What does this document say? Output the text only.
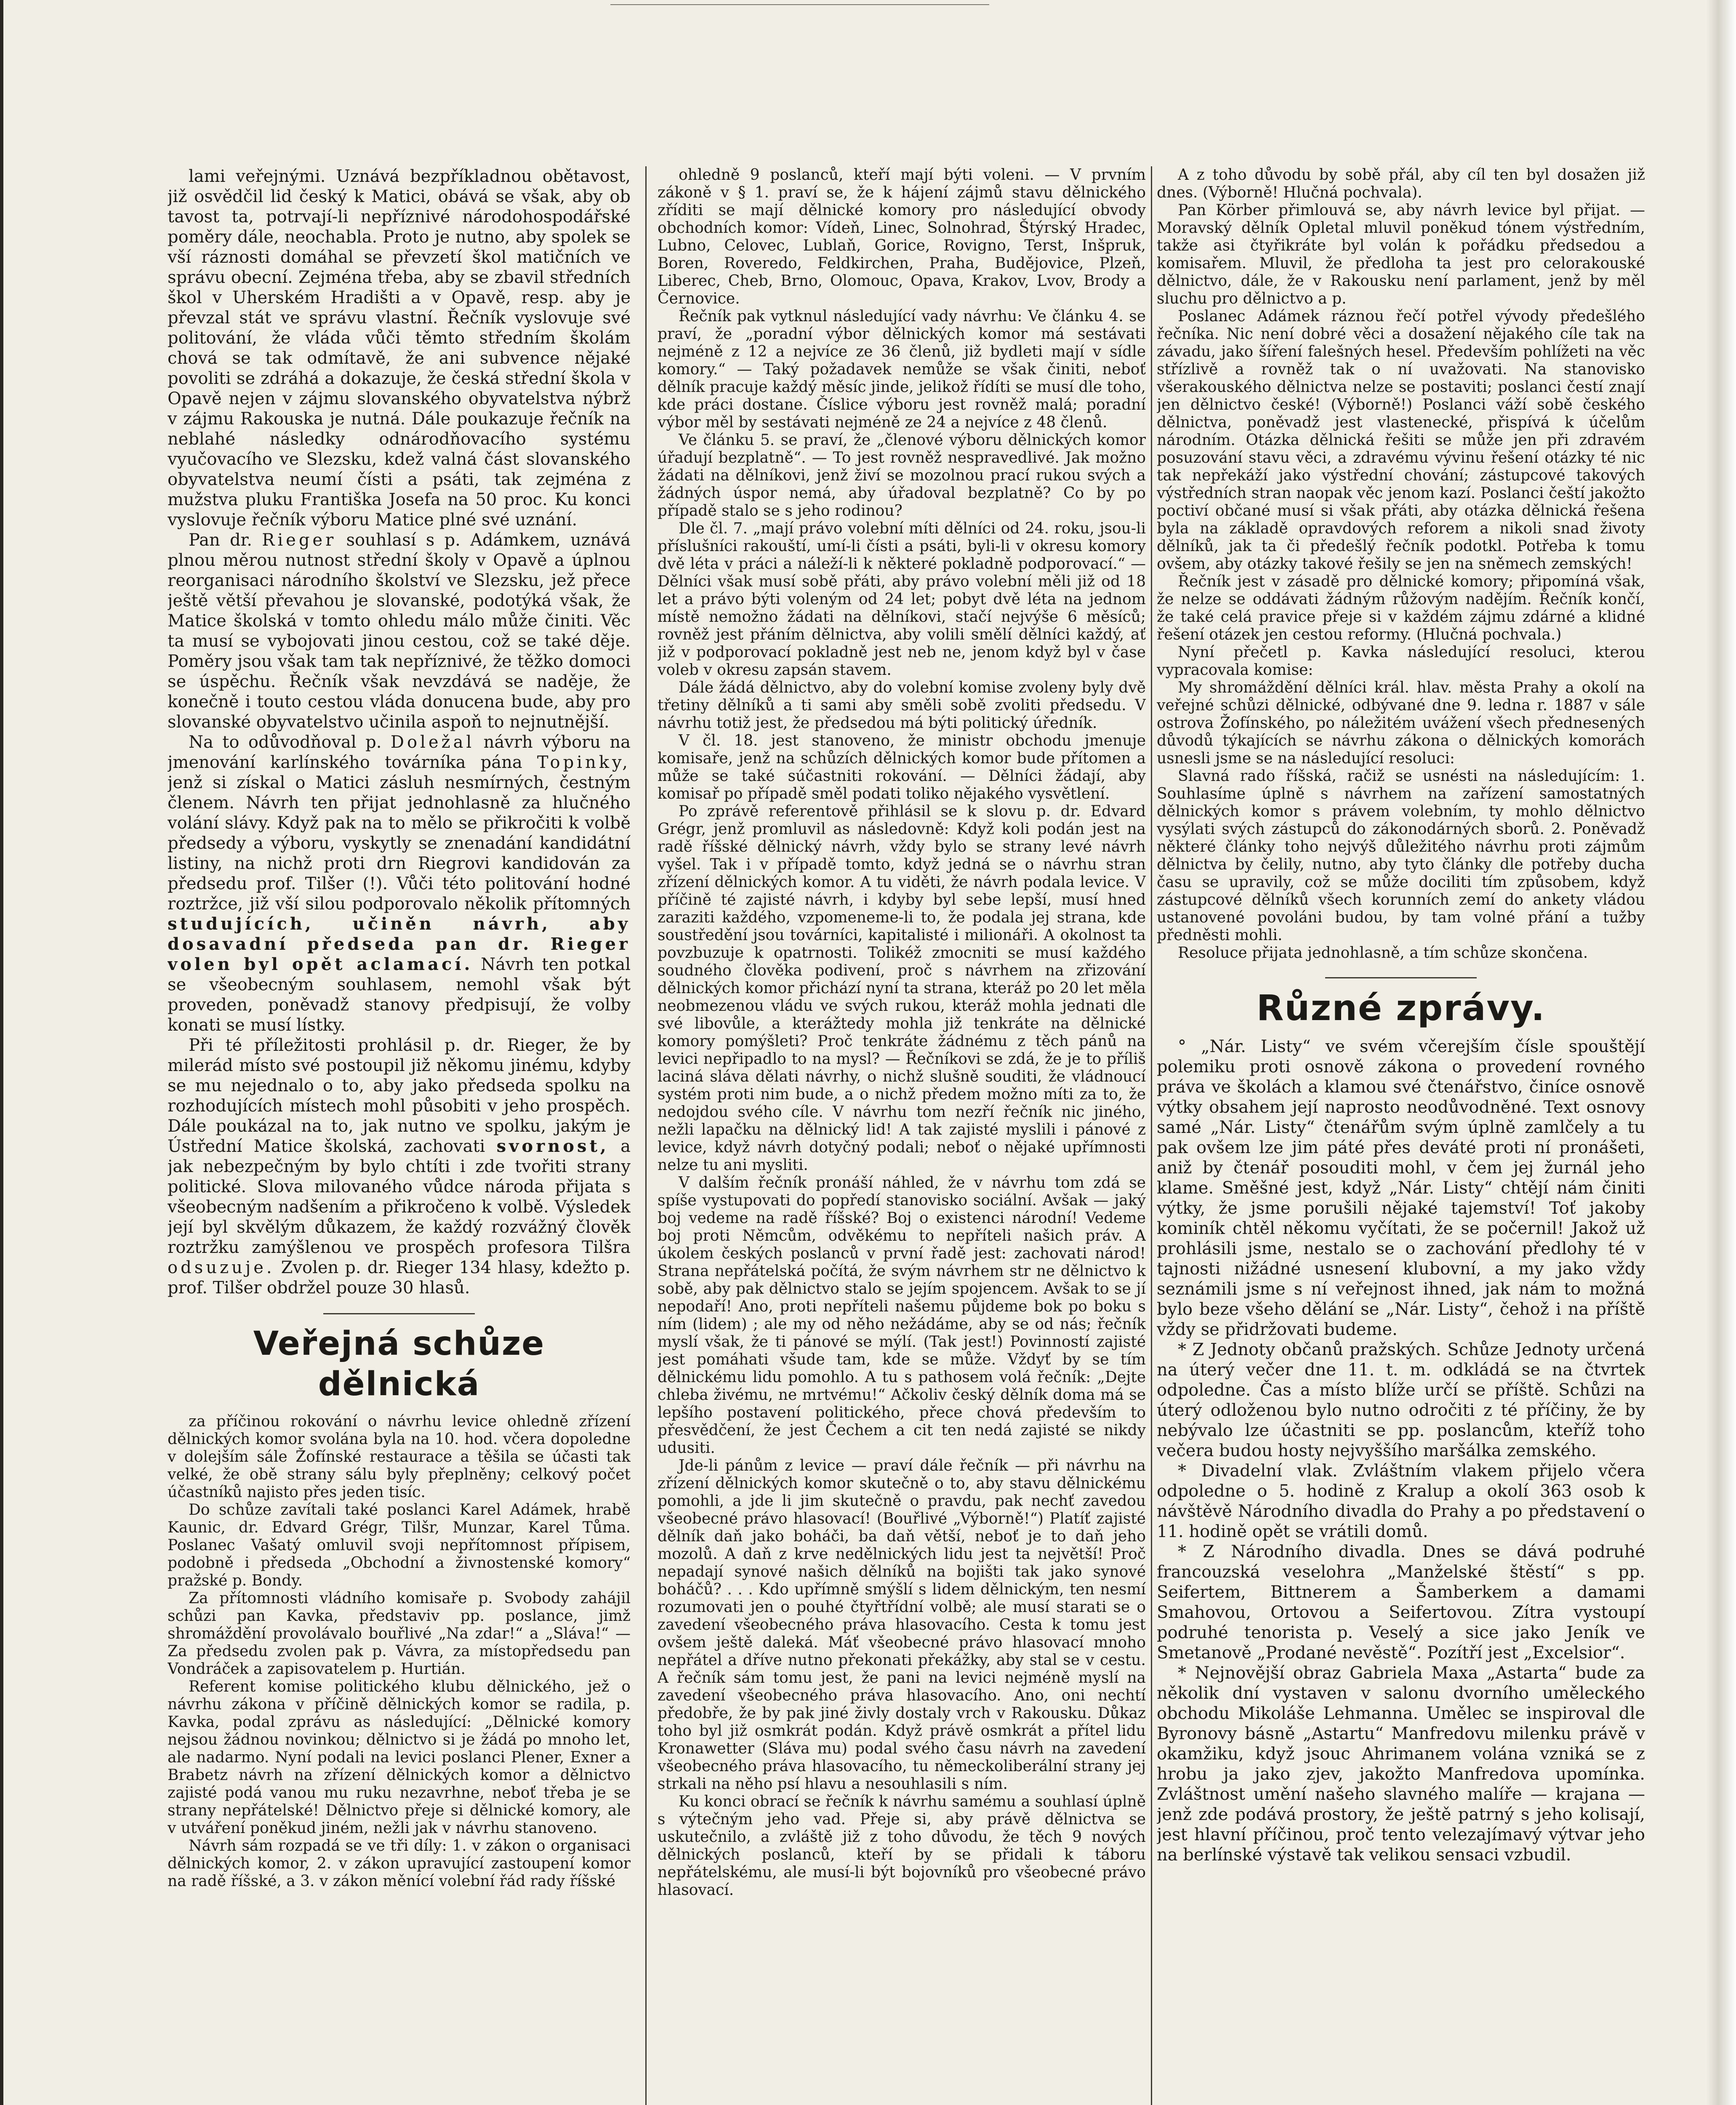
lami veřejnými. Uznává bezpříkladnou obětavost, již osvědčil lid český k Matici, obává se však, aby ob tavost ta, potrvají-li nepříznivé národohospodářské poměry dále, neochabla. Proto je nutno, aby spolek se vší ráznosti domáhal se převzetí škol matičních ve správu obecní. Zejména třeba, aby se zbavil středních škol v Uherském Hradišti a v Opavě, resp. aby je převzal stát ve správu vlastní. Řečník vyslovuje své politování, že vláda vůči těmto středním školám chová se tak odmítavě, že ani subvence nějaké povoliti se zdráhá a dokazuje, že česká střední škola v Opavě nejen v zájmu slovanského obyvatelstva nýbrž v zájmu Rakouska je nutná. Dále poukazuje řečník na neblahé následky odnárodňovacího systému vyučovacího ve Slezsku, kdež valná část slovanského obyvatelstva neumí čísti a psáti, tak zejména z mužstva pluku Františka Josefa na 50 proc. Ku konci vyslovuje řečník výboru Matice plné své uznání.

Pan dr. Rieger souhlasí s p. Adámkem, uznává plnou měrou nutnost střední školy v Opavě a úplnou reorganisaci národního školství ve Slezsku, jež přece ještě větší převahou je slovanské, podotýká však, že Matice školská v tomto ohledu málo může činiti. Věc ta musí se vybojovati jinou cestou, což se také děje. Poměry jsou však tam tak nepříznivé, že těžko domoci se úspěchu. Řečník však nevzdává se naděje, že konečně i touto cestou vláda donucena bude, aby pro slovanské obyvatelstvo učinila aspoň to nejnutnější.

Na to odůvodňoval p. Doležal návrh výboru na jmenování karlínského továrníka pána Topinky, jenž si získal o Matici zásluh nesmírných, čestným členem. Návrh ten přijat jednohlasně za hlučného volání slávy. Když pak na to mělo se přikročiti k volbě předsedy a výboru, vyskytly se znenadání kandidátní listiny, na nichž proti drn Riegrovi kandidován za předsedu prof. Tilšer (!). Vůči této politování hodné roztržce, již vší silou podporovalo několik přítomných studujících, učiněn návrh, aby dosavadní předseda pan dr. Rieger volen byl opět aclamací. Návrh ten potkal se všeobecným souhlasem, nemohl však být proveden, poněvadž stanovy předpisují, že volby konati se musí lístky.

Při té příležitosti prohlásil p. dr. Rieger, že by milerád místo své postoupil již někomu jinému, kdyby se mu nejednalo o to, aby jako předseda spolku na rozhodujících místech mohl působiti v jeho prospěch. Dále poukázal na to, jak nutno ve spolku, jakým je Ústřední Matice školská, zachovati svornost, a jak nebezpečným by bylo chtíti i zde tvořiti strany politické. Slova milovaného vůdce národa přijata s všeobecným nadšením a přikročeno k volbě. Výsledek její byl skvělým důkazem, že každý rozvážný člověk roztržku zamýšlenou ve prospěch profesora Tilšra odsuzuje. Zvolen p. dr. Rieger 134 hlasy, kdežto p. prof. Tilšer obdržel pouze 30 hlasů.

Veřejná schůze dělnická

za příčinou rokování o návrhu levice ohledně zřízení dělnických komor svolána byla na 10. hod. včera dopoledne v dolejším sále Žofínské restaurace a těšila se účasti tak velké, že obě strany sálu byly přeplněny; celkový počet účastníků najisto přes jeden tisíc.

Do schůze zavítali také poslanci Karel Adámek, hrabě Kaunic, dr. Edvard Grégr, Tilšr, Munzar, Karel Tůma. Poslanec Vašatý omluvil svoji nepřítomnost přípisem, podobně i předseda „Obchodní a živnostenské komory“ pražské p. Bondy.

Za přítomnosti vládního komisaře p. Svobody zahájil schůzi pan Kavka, představiv pp. poslance, jimž shromáždění provolávalo bouřlivé „Na zdar!“ a „Sláva!“ — Za předsedu zvolen pak p. Vávra, za místopředsedu pan Vondráček a zapisovatelem p. Hurtián.

Referent komise politického klubu dělnického, jež o návrhu zákona v příčině dělnických komor se radila, p. Kavka, podal zprávu as následující: „Dělnické komory nejsou žádnou novinkou; dělnictvo si je žádá po mnoho let, ale nadarmo. Nyní podali na levici poslanci Plener, Exner a Brabetz návrh na zřízení dělnických komor a dělnictvo zajisté podá vanou mu ruku nezavrhne, neboť třeba je se strany nepřátelské! Dělnictvo přeje si dělnické komory, ale v utváření poněkud jiném, nežli jak v návrhu stanoveno.

Návrh sám rozpadá se ve tři díly: 1. v zákon o organisaci dělnických komor, 2. v zákon upravující zastoupení komor na radě říšské, a 3. v zákon měnící volební řád rady říšské

ohledně 9 poslanců, kteří mají býti voleni. — V prvním zákoně v § 1. praví se, že k hájení zájmů stavu dělnického zříditi se mají dělnické komory pro následující obvody obchodních komor: Vídeň, Linec, Solnohrad, Štýrský Hradec, Lubno, Celovec, Lublaň, Gorice, Rovigno, Terst, Inšpruk, Boren, Roveredo, Feldkirchen, Praha, Budějovice, Plzeň, Liberec, Cheb, Brno, Olomouc, Opava, Krakov, Lvov, Brody a Černovice.

Řečník pak vytknul následující vady návrhu: Ve článku 4. se praví, že „poradní výbor dělnických komor má sestávati nejméně z 12 a nejvíce ze 36 členů, již bydleti mají v sídle komory.“ — Taký požadavek nemůže se však činiti, neboť dělník pracuje každý měsíc jinde, jelikož řídíti se musí dle toho, kde práci dostane. Číslice výboru jest rovněž malá; poradní výbor měl by sestávati nejméně ze 24 a nejvíce z 48 členů.

Ve článku 5. se praví, že „členové výboru dělnických komor úřadují bezplatně“. — To jest rovněž nespravedlivé. Jak možno žádati na dělníkovi, jenž živí se mozolnou prací rukou svých a žádných úspor nemá, aby úřadoval bezplatně? Co by po případě stalo se s jeho rodinou?

Dle čl. 7. „mají právo volební míti dělníci od 24. roku, jsou-li příslušníci rakouští, umí-li čísti a psáti, byli-li v okresu komory dvě léta v práci a náleží-li k některé pokladně podporovací.“ — Dělníci však musí sobě přáti, aby právo volební měli již od 18 let a právo býti voleným od 24 let; pobyt dvě léta na jednom místě nemožno žádati na dělníkovi, stačí nejvýše 6 měsíců; rovněž jest přáním dělnictva, aby volili smělí dělníci každý, ať již v podporovací pokladně jest neb ne, jenom když byl v čase voleb v okresu zapsán stavem.

Dále žádá dělnictvo, aby do volební komise zvoleny byly dvě třetiny dělníků a ti sami aby směli sobě zvoliti předsedu. V návrhu totiž jest, že předsedou má býti politický úředník.

V čl. 18. jest stanoveno, že ministr obchodu jmenuje komisaře, jenž na schůzích dělnických komor bude přítomen a může se také súčastniti rokování. — Dělníci žádají, aby komisař po případě směl podati toliko nějakého vysvětlení.

Po zprávě referentově přihlásil se k slovu p. dr. Edvard Grégr, jenž promluvil as následovně: Když koli podán jest na radě říšské dělnický návrh, vždy bylo se strany levé návrh vyšel. Tak i v případě tomto, když jedná se o návrhu stran zřízení dělnických komor. A tu viděti, že návrh podala levice. V příčině té zajisté návrh, i kdyby byl sebe lepší, musí hned zaraziti každého, vzpomeneme-li to, že podala jej strana, kde soustředění jsou továrníci, kapitalisté i milionáři. A okolnost ta povzbuzuje k opatrnosti. Tolikéž zmocniti se musí každého soudného člověka podivení, proč s návrhem na zřizování dělnických komor přichází nyní ta strana, kteráž po 20 let měla neobmezenou vládu ve svých rukou, kteráž mohla jednati dle své libovůle, a kterážtedy mohla již tenkráte na dělnické komory pomýšleti? Proč tenkráte žádnému z těch pánů na levici nepřipadlo to na mysl? — Řečníkovi se zdá, že je to příliš laciná sláva dělati návrhy, o nichž slušně souditi, že vládnoucí systém proti nim bude, a o nichž předem možno míti za to, že nedojdou svého cíle. V návrhu tom nezří řečník nic jiného, nežli lapačku na dělnický lid! A tak zajisté myslili i pánové z levice, když návrh dotyčný podali; neboť o nějaké upřímnosti nelze tu ani mysliti.

V dalším řečník pronáší náhled, že v návrhu tom zdá se spíše vystupovati do popředí stanovisko sociální. Avšak — jaký boj vedeme na radě říšské? Boj o existenci národní! Vedeme boj proti Němcům, odvěkému to nepříteli našich práv. A úkolem českých poslanců v první řadě jest: zachovati národ! Strana nepřátelská počítá, že svým návrhem str ne dělnictvo k sobě, aby pak dělnictvo stalo se jejím spojencem. Avšak to se jí nepodaří! Ano, proti nepříteli našemu půjdeme bok po boku s ním (lidem) ; ale my od něho nežádáme, aby se od nás; řečník myslí však, že ti pánové se mýlí. (Tak jest!) Povinností zajisté jest pomáhati všude tam, kde se může. Vždyť by se tím dělnickému lidu pomohlo. A tu s pathosem volá řečník: „Dejte chleba živému, ne mrtvému!“ Ačkoliv český dělník doma má se lepšího postavení politického, přece chová především to přesvědčení, že jest Čechem a cit ten nedá zajisté se nikdy udusiti.

Jde-li pánům z levice — praví dále řečník — při návrhu na zřízení dělnických komor skutečně o to, aby stavu dělnickému pomohli, a jde li jim skutečně o pravdu, pak nechť zavedou všeobecné právo hlasovací! (Bouřlivé „Výborně!“) Platíť zajisté dělník daň jako boháči, ba daň větší, neboť je to daň jeho mozolů. A daň z krve nedělnických lidu jest ta největší! Proč nepadají synové našich dělníků na bojišti tak jako synové boháčů? . . . Kdo upřímně smýšlí s lidem dělnickým, ten nesmí rozumovati jen o pouhé čtyřtřídní volbě; ale musí starati se o zavedení všeobecného práva hlasovacího. Cesta k tomu jest ovšem ještě daleká. Máť všeobecné právo hlasovací mnoho nepřátel a dříve nutno překonati překážky, aby stal se v cestu. A řečník sám tomu jest, že pani na levici nejméně myslí na zavedení všeobecného práva hlasovacího. Ano, oni nechtí předobře, že by pak jiné živly dostaly vrch v Rakousku. Důkaz toho byl již osmkrát podán. Když právě osmkrát a přítel lidu Kronawetter (Sláva mu) podal svého času návrh na zavedení všeobecného práva hlasovacího, tu německoliberální strany jej strkali na něho psí hlavu a nesouhlasili s ním.

Ku konci obrací se řečník k návrhu samému a souhlasí úplně s výtečným jeho vad. Přeje si, aby právě dělnictva se uskutečnilo, a zvláště již z toho důvodu, že těch 9 nových dělnických poslanců, kteří by se přidali k táboru nepřátelskému, ale musí-li být bojovníků pro všeobecné právo hlasovací.

A z toho důvodu by sobě přál, aby cíl ten byl dosažen již dnes. (Výborně! Hlučná pochvala).

Pan Körber přimlouvá se, aby návrh levice byl přijat. — Moravský dělník Opletal mluvil poněkud tónem výstředním, takže asi čtyřikráte byl volán k pořádku předsedou a komisařem. Mluvil, že předloha ta jest pro celorakouské dělnictvo, dále, že v Rakousku není parlament, jenž by měl sluchu pro dělnictvo a p.

Poslanec Adámek ráznou řečí potřel vývody předešlého řečníka. Nic není dobré věci a dosažení nějakého cíle tak na závadu, jako šíření falešných hesel. Především pohlížeti na věc střízlivě a rovněž tak o ní uvažovati. Na stanovisko všerakouského dělnictva nelze se postaviti; poslanci čestí znají jen dělnictvo české! (Výborně!) Poslanci váží sobě českého dělnictva, poněvadž jest vlastenecké, přispívá k účelům národním. Otázka dělnická řešiti se může jen při zdravém posuzování stavu věci, a zdravému vývinu řešení otázky té nic tak nepřekáží jako výstřední chování; zástupcové takových výstředních stran naopak věc jenom kazí. Poslanci čeští jakožto poctiví občané musí si však přáti, aby otázka dělnická řešena byla na základě opravdových reforem a nikoli snad životy dělníků, jak ta či předešlý řečník podotkl. Potřeba k tomu ovšem, aby otázky takové řešily se jen na sněmech zemských!

Řečník jest v zásadě pro dělnické komory; připomíná však, že nelze se oddávati žádným růžovým nadějím. Řečník končí, že také celá pravice přeje si v každém zájmu zdárné a klidné řešení otázek jen cestou reformy. (Hlučná pochvala.)

Nyní přečetl p. Kavka následující resoluci, kterou vypracovala komise:

My shromáždění dělníci král. hlav. města Prahy a okolí na veřejné schůzi dělnické, odbývané dne 9. ledna r. 1887 v sále ostrova Žofínského, po náležitém uvážení všech přednesených důvodů týkajících se návrhu zákona o dělnických komorách usnesli jsme se na následující resoluci:

Slavná rado říšská, račiž se usnésti na následujícím: 1. Souhlasíme úplně s návrhem na zařízení samostatných dělnických komor s právem volebním, ty mohlo dělnictvo vysýlati svých zástupců do zákonodárných sborů. 2. Poněvadž některé články toho nejvýš důležitého návrhu proti zájmům dělnictva by čelily, nutno, aby tyto články dle potřeby ducha času se upravily, což se může dociliti tím způsobem, když zástupcové dělníků všech korunních zemí do ankety vládou ustanovené povoláni budou, by tam volné přání a tužby předněsti mohli.

Resoluce přijata jednohlasně, a tím schůze skončena.

Různé zprávy.

° „Nár. Listy“ ve svém včerejším čísle spouštějí polemiku proti osnově zákona o provedení rovného práva ve školách a klamou své čtenářstvo, činíce osnově výtky obsahem její naprosto neodůvodněné. Text osnovy samé „Nár. Listy“ čtenářům svým úplně zamlčely a tu pak ovšem lze jim páté přes deváté proti ní pronášeti, aniž by čtenář posouditi mohl, v čem jej žurnál jeho klame. Směšné jest, když „Nár. Listy“ chtějí nám činiti výtky, že jsme porušili nějaké tajemství! Toť jakoby kominík chtěl někomu vyčítati, že se počernil! Jakož už prohlásili jsme, nestalo se o zachování předlohy té v tajnosti nižádné usnesení klubovní, a my jako vždy seznámili jsme s ní veřejnost ihned, jak nám to možná bylo beze všeho dělání se „Nár. Listy“, čehož i na příště vždy se přidržovati budeme.

* Z Jednoty občanů pražských. Schůze Jednoty určená na úterý večer dne 11. t. m. odkládá se na čtvrtek odpoledne. Čas a místo blíže určí se příště. Schůzi na úterý odloženou bylo nutno odročiti z té příčiny, že by nebývalo lze účastniti se pp. poslancům, kteříž toho večera budou hosty nejvyššího maršálka zemského.

* Divadelní vlak. Zvláštním vlakem přijelo včera odpoledne o 5. hodině z Kralup a okolí 363 osob k návštěvě Národního divadla do Prahy a po představení o 11. hodině opět se vrátili domů.

* Z Národního divadla. Dnes se dává podruhé francouzská veselohra „Manželské štěstí“ s pp. Seifertem, Bittnerem a Šamberkem a damami Smahovou, Ortovou a Seifertovou. Zítra vystoupí podruhé tenorista p. Veselý a sice jako Jeník ve Smetanově „Prodané nevěstě“. Pozítří jest „Excelsior“.

* Nejnovější obraz Gabriela Maxa „Astarta“ bude za několik dní vystaven v salonu dvorního uměleckého obchodu Mikoláše Lehmanna. Umělec se inspiroval dle Byronovy básně „Astartu“ Manfredovu milenku právě v okamžiku, když jsouc Ahrimanem volána vzniká se z hrobu ja jako zjev, jakožto Manfredova upomínka. Zvláštnost umění našeho slavného malíře — krajana — jenž zde podává prostory, že ještě patrný s jeho kolisají, jest hlavní příčinou, proč tento velezajímavý výtvar jeho na berlínské výstavě tak velikou sensaci vzbudil.
